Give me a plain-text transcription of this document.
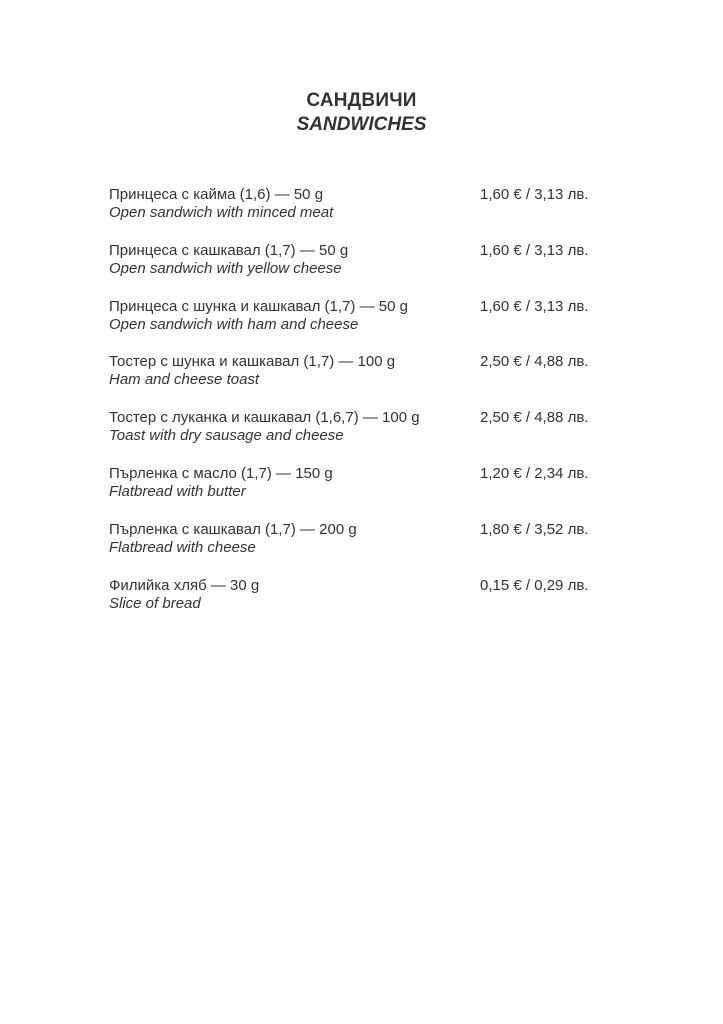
САНДВИЧИ
SANDWICHES
Принцеса с кайма (1,6) — 50 g
Open sandwich with minced meat
1,60 € / 3,13 лв.
Принцеса с кашкавал (1,7) — 50 g
Open sandwich with yellow cheese
1,60 € / 3,13 лв.
Принцеса с шунка и кашкавал (1,7) — 50 g
Open sandwich with ham and cheese
1,60 € / 3,13 лв.
Тостер с шунка и кашкавал (1,7) — 100 g
Ham and cheese toast
2,50 € / 4,88 лв.
Тостер с луканка и кашкавал (1,6,7) — 100 g
Toast with dry sausage and cheese
2,50 € / 4,88 лв.
Пърленка с масло (1,7) — 150 g
Flatbread with butter
1,20 € / 2,34 лв.
Пърленка с кашкавал (1,7) — 200 g
Flatbread with cheese
1,80 € / 3,52 лв.
Филийка хляб — 30 g
Slice of bread
0,15 € / 0,29 лв.
